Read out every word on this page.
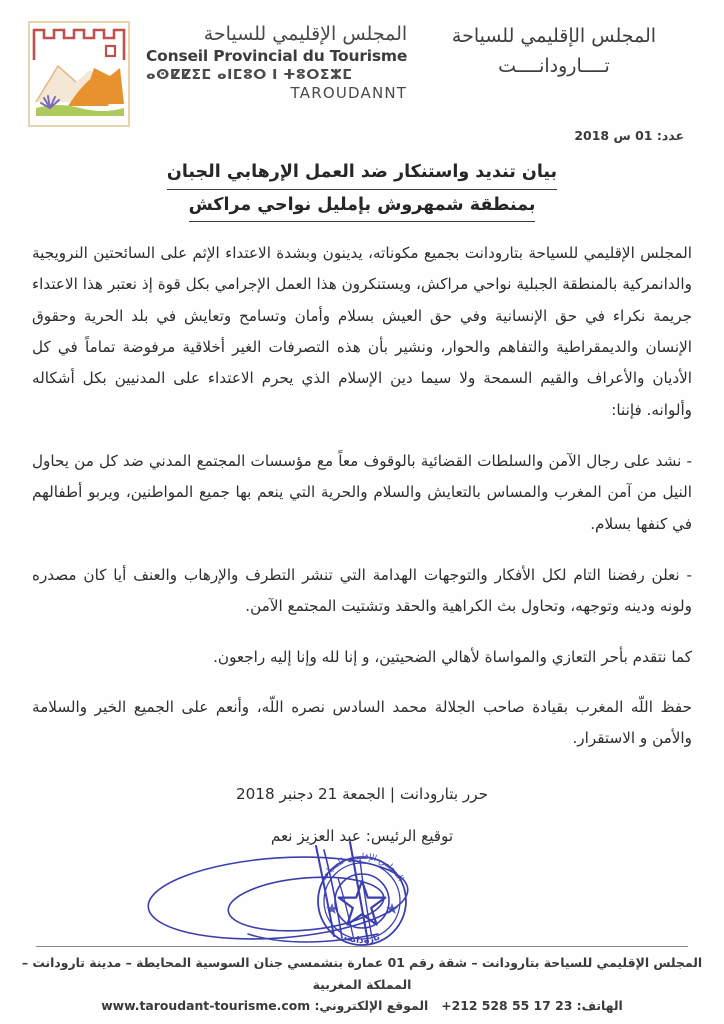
المجلس الإقليمي للسياحة
Conseil Provincial du Tourisme
ⴰⵙⵇⵇⵉⵎ ⴰⵏⵎⵓⵔ ⵏ ⵜⵓⵔⵉⵣⵎ
TAROUDANNT
المجلس الإقليمي للسياحة
تــــارودانــــت
عدد: 01 س 2018
بيان تنديد واستنكار ضد العمل الإرهابي الجبان
بمنطقة شمهروش بإمليل نواحي مراكش

المجلس الإقليمي للسياحة بتارودانت بجميع مكوناته، يدينون وبشدة الاعتداء الإثم على السائحتين النرويجية والدانمركية بالمنطقة الجبلية نواحي مراكش، ويستنكرون هذا العمل الإجرامي بكل قوة إذ نعتبر هذا الاعتداء جريمة نكراء في حق الإنسانية وفي حق العيش بسلام وأمان وتسامح وتعايش في بلد الحرية وحقوق الإنسان والديمقراطية والتفاهم والحوار، ونشير بأن هذه التصرفات الغير أخلاقية مرفوضة تماماً في كل الأديان والأعراف والقيم السمحة ولا سيما دين الإسلام الذي يحرم الاعتداء على المدنيين بكل أشكاله وألوانه. فإننا:

- نشد على رجال الآمن والسلطات القضائية بالوقوف معاً مع مؤسسات المجتمع المدني ضد كل من يحاول النيل من آمن المغرب والمساس بالتعايش والسلام والحرية التي ينعم بها جميع المواطنين، ويربو أطفالهم في كنفها بسلام.

- نعلن رفضنا التام لكل الأفكار والتوجهات الهدامة التي تنشر التطرف والإرهاب والعنف أيا كان مصدره ولونه ودينه وتوجهه، وتحاول بث الكراهية والحقد وتشتيت المجتمع الآمن.

كما نتقدم بأحر التعازي والمواساة لأهالي الضحيتين، و إنا لله وإنا إليه راجعون.

حفظ اللّه المغرب بقيادة صاحب الجلالة محمد السادس نصره اللّه، وأنعم على الجميع الخير والسلامة والأمن و الاستقرار.

حرر بتارودانت | الجمعة 21 دجنبر 2018
توقيع الرئيس: عبد العزيز نعم
المجلس الإقليمي للسياحة
تارودانت
المجلس الإقليمي للسياحة بتارودانت – شقة رقم 01 عمارة بنشمسي جنان السوسية المحايطة – مدينة تارودانت – المملكة المغربية
الهاتف: +212 528 55 17 23   الموقع الإلكتروني: www.taroudant-tourisme.com
